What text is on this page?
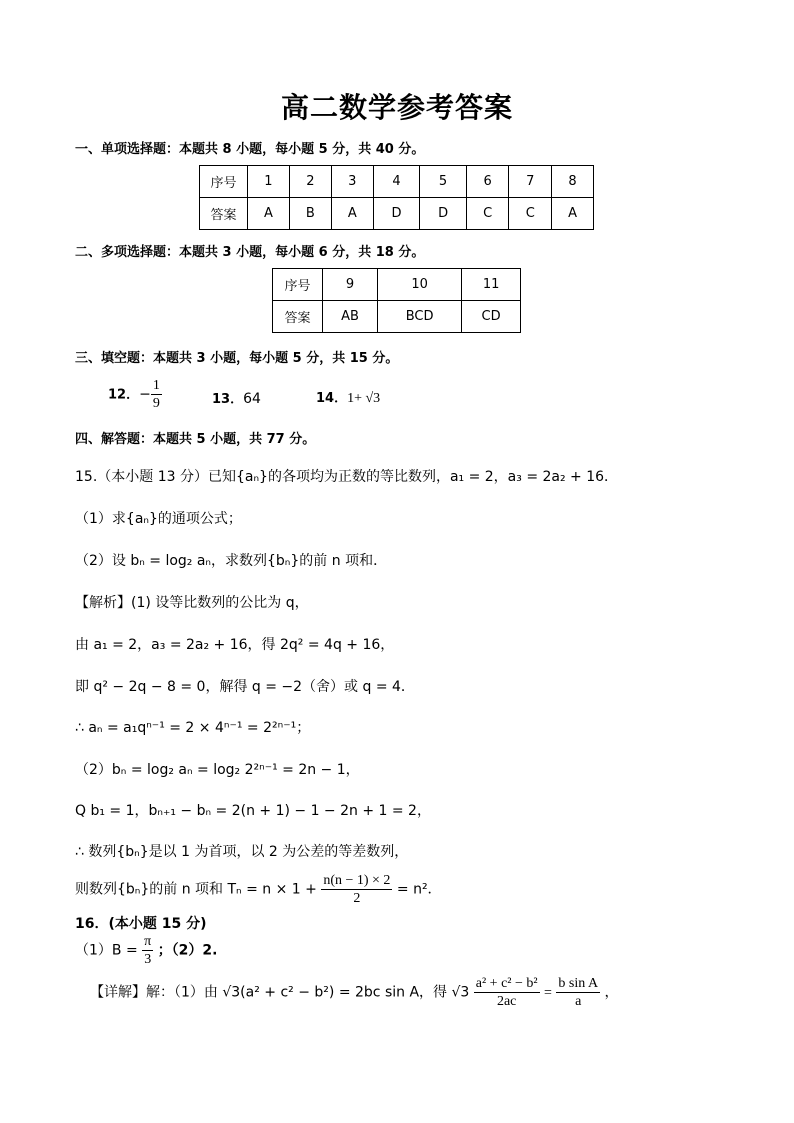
高二数学参考答案
一、单项选择题：本题共 8 小题，每小题 5 分，共 40 分。
序号	1	2	3	4	5	6	7	8
答案	A	B	A	D	D	C	C	A
二、多项选择题：本题共 3 小题，每小题 6 分，共 18 分。
序号	9	10	11
答案	AB	BCD	CD
三、填空题：本题共 3 小题，每小题 5 分，共 15 分。
12．− $\frac{1}{9}$	13．64	14．1+ √3
四、解答题：本题共 5 小题，共 77 分。
15.（本小题 13 分）已知{aₙ}的各项均为正数的等比数列，a₁ = 2，a₃ = 2a₂ + 16．
（1）求{aₙ}的通项公式；
（2）设 bₙ = log₂ aₙ，求数列{bₙ}的前 n 项和．
【解析】(1) 设等比数列的公比为 q，
由 a₁ = 2，a₃ = 2a₂ + 16，得 2q² = 4q + 16，
即 q² − 2q − 8 = 0，解得 q = −2（舍）或 q = 4．
∴ aₙ = a₁qⁿ⁻¹ = 2 × 4ⁿ⁻¹ = 2²ⁿ⁻¹；
（2）bₙ = log₂ aₙ = log₂ 2²ⁿ⁻¹ = 2n − 1，
Q b₁ = 1，bₙ₊₁ − bₙ = 2(n + 1) − 1 − 2n + 1 = 2，
∴ 数列{bₙ}是以 1 为首项，以 2 为公差的等差数列，
则数列{bₙ}的前 n 项和 $T_n = n \times 1 + \frac{n(n - 1) \times 2}{2} = n^2$．
16．(本小题 15 分)
$(1)B = \frac{\pi}{3}$ ；（2）2.
【详解】解：（1）由 √3(a² + c² − b²) = 2bc sin A，得 $√3 \frac{\text{a² + c² − b²}}{2ac} = \frac{\text{b sin A}}{a}$ ，
